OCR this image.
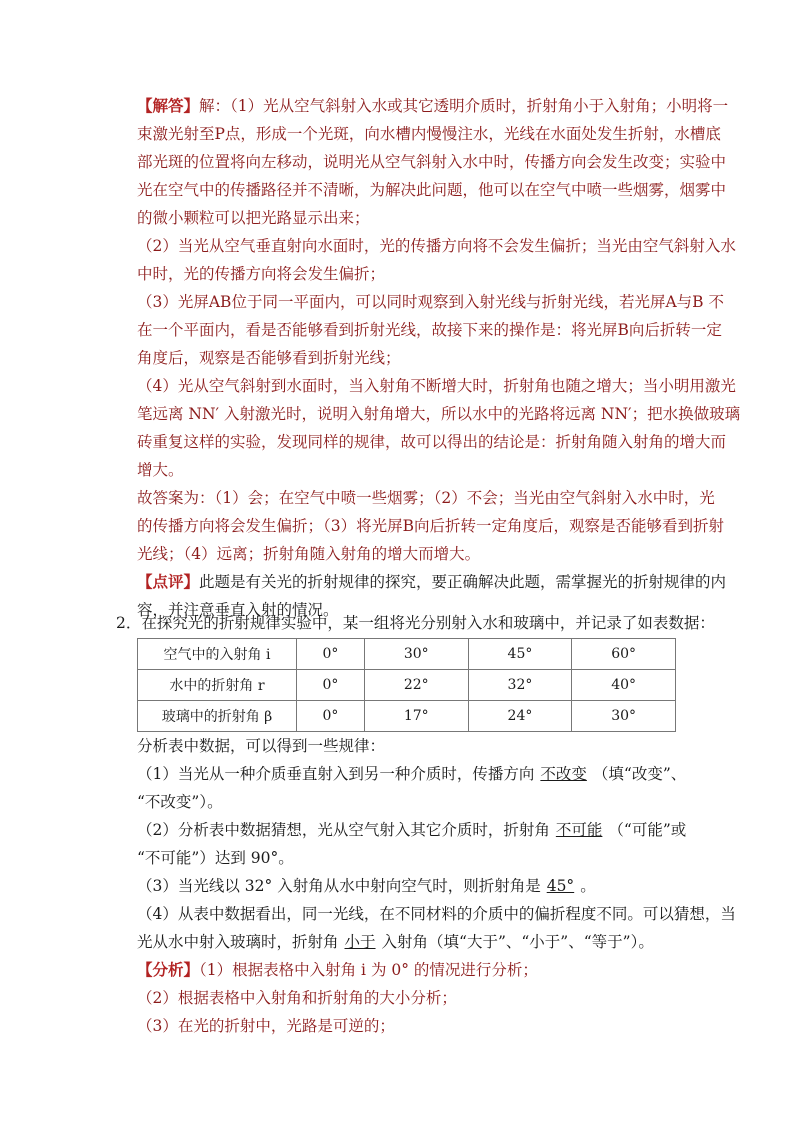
【解答】解：（1）光从空气斜射入水或其它透明介质时，折射角小于入射角；小明将一
束激光射至P点，形成一个光斑，向水槽内慢慢注水，光线在水面处发生折射，水槽底
部光斑的位置将向左移动，说明光从空气斜射入水中时，传播方向会发生改变；实验中
光在空气中的传播路径并不清晰，为解决此问题，他可以在空气中喷一些烟雾，烟雾中
的微小颗粒可以把光路显示出来；
（2）当光从空气垂直射向水面时，光的传播方向将不会发生偏折；当光由空气斜射入水
中时，光的传播方向将会发生偏折；
（3）光屏AB位于同一平面内，可以同时观察到入射光线与折射光线，若光屏A与B 不
在一个平面内，看是否能够看到折射光线，故接下来的操作是：将光屏B向后折转一定
角度后，观察是否能够看到折射光线；
（4）光从空气斜射到水面时，当入射角不断增大时，折射角也随之增大；当小明用激光
笔远离 NN′ 入射激光时，说明入射角增大，所以水中的光路将远离 NN′；把水换做玻璃
砖重复这样的实验，发现同样的规律，故可以得出的结论是：折射角随入射角的增大而
增大。
故答案为：（1）会；在空气中喷一些烟雾；（2）不会；当光由空气斜射入水中时，光
的传播方向将会发生偏折；（3）将光屏B向后折转一定角度后，观察是否能够看到折射
光线；（4）远离；折射角随入射角的增大而增大。
【点评】此题是有关光的折射规律的探究，要正确解决此题，需掌握光的折射规律的内
容，并注意垂直入射的情况。
2．在探究光的折射规律实验中，某一组将光分别射入水和玻璃中，并记录了如表数据：
空气中的入射角 i	0°	30°	45°	60°
水中的折射角 r	0°	22°	32°	40°
玻璃中的折射角 β	0°	17°	24°	30°
分析表中数据，可以得到一些规律：
（1）当光从一种介质垂直射入到另一种介质时，传播方向 不改变 （填“改变”、
“不改变”）。
（2）分析表中数据猜想，光从空气射入其它介质时，折射角 不可能 （“可能”或
“不可能”）达到 90°。
（3）当光线以 32° 入射角从水中射向空气时，则折射角是 45° 。
（4）从表中数据看出，同一光线，在不同材料的介质中的偏折程度不同。可以猜想，当
光从水中射入玻璃时，折射角 小于 入射角（填“大于”、“小于”、“等于”）。
【分析】（1）根据表格中入射角 i 为 0° 的情况进行分析；
（2）根据表格中入射角和折射角的大小分析；
（3）在光的折射中，光路是可逆的；
